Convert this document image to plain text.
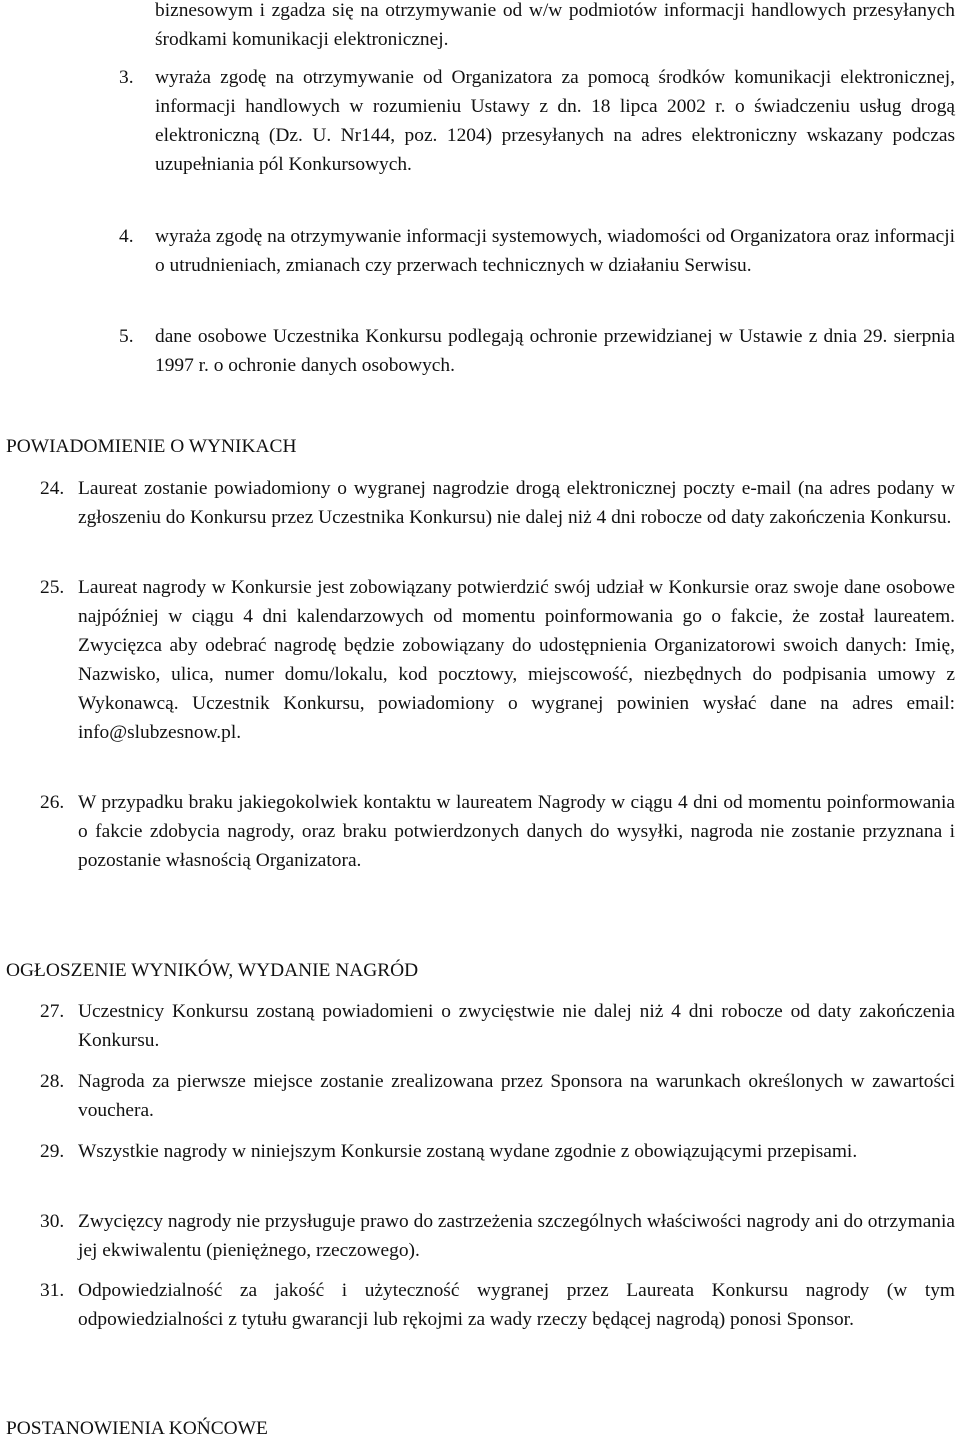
biznesowym i zgadza się na otrzymywanie od w/w podmiotów informacji handlowych przesyłanych środkami komunikacji elektronicznej.
3.	wyraża zgodę na otrzymywanie od Organizatora za pomocą środków komunikacji elektronicznej, informacji handlowych w rozumieniu Ustawy z dn. 18 lipca 2002 r. o świadczeniu usług drogą elektroniczną (Dz. U. Nr144, poz. 1204) przesyłanych na adres elektroniczny wskazany podczas uzupełniania pól Konkursowych.
4.	wyraża zgodę na otrzymywanie informacji systemowych, wiadomości od Organizatora oraz informacji o utrudnieniach, zmianach czy przerwach technicznych w działaniu Serwisu.
5.	dane osobowe Uczestnika Konkursu podlegają ochronie przewidzianej w Ustawie z dnia 29. sierpnia 1997 r. o ochronie danych osobowych.
POWIADOMIENIE O WYNIKACH
24. Laureat zostanie powiadomiony o wygranej nagrodzie drogą elektronicznej poczty e-mail (na adres podany w zgłoszeniu do Konkursu przez Uczestnika Konkursu) nie dalej niż 4 dni robocze od daty zakończenia Konkursu.
25. Laureat nagrody w Konkursie jest zobowiązany potwierdzić swój udział w Konkursie oraz swoje dane osobowe najpóźniej w ciągu 4 dni kalendarzowych od momentu poinformowania go o fakcie, że został laureatem. Zwycięzca aby odebrać nagrodę będzie zobowiązany do udostępnienia Organizatorowi swoich danych: Imię, Nazwisko, ulica, numer domu/lokalu, kod pocztowy, miejscowość, niezbędnych do podpisania umowy z Wykonawcą. Uczestnik Konkursu, powiadomiony o wygranej powinien wysłać dane na adres email: info@slubzesnow.pl.
26. W przypadku braku jakiegokolwiek kontaktu w laureatem Nagrody w ciągu 4 dni od momentu poinformowania o fakcie zdobycia nagrody, oraz braku potwierdzonych danych do wysyłki, nagroda nie zostanie przyznana i pozostanie własnością Organizatora.
OGŁOSZENIE WYNIKÓW, WYDANIE NAGRÓD
27. Uczestnicy Konkursu zostaną powiadomieni o zwycięstwie nie dalej niż 4 dni robocze od daty zakończenia Konkursu.
28. Nagroda za pierwsze miejsce zostanie zrealizowana przez Sponsora na warunkach określonych w zawartości vouchera.
29. Wszystkie nagrody w niniejszym Konkursie zostaną wydane zgodnie z obowiązującymi przepisami.
30. Zwycięzcy nagrody nie przysługuje prawo do zastrzeżenia szczególnych właściwości nagrody ani do otrzymania jej ekwiwalentu (pieniężnego, rzeczowego).
31. Odpowiedzialność za jakość i użyteczność wygranej przez Laureata Konkursu nagrody (w tym odpowiedzialności z tytułu gwarancji lub rękojmi za wady rzeczy będącej nagrodą) ponosi Sponsor.
POSTANOWIENIA KOŃCOWE
